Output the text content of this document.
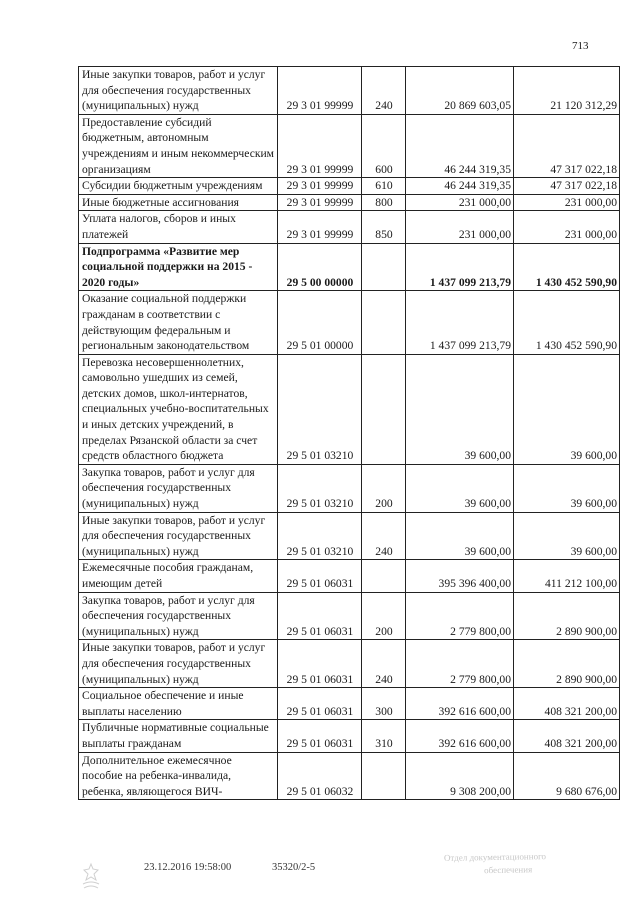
713
Иные закупки товаров, работ и услуг для обеспечения государственных (муниципальных) нужд	29 3 01 99999	240	20 869 603,05	21 120 312,29
Предоставление субсидий бюджетным, автономным учреждениям и иным некоммерческим организациям	29 3 01 99999	600	46 244 319,35	47 317 022,18
Субсидии бюджетным учреждениям	29 3 01 99999	610	46 244 319,35	47 317 022,18
Иные бюджетные ассигнования	29 3 01 99999	800	231 000,00	231 000,00
Уплата налогов, сборов и иных платежей	29 3 01 99999	850	231 000,00	231 000,00
Подпрограмма «Развитие мер социальной поддержки на 2015 - 2020 годы»	29 5 00 00000		1 437 099 213,79	1 430 452 590,90
Оказание социальной поддержки гражданам в соответствии с действующим федеральным и региональным законодательством	29 5 01 00000		1 437 099 213,79	1 430 452 590,90
Перевозка несовершеннолетних, самовольно ушедших из семей, детских домов, школ-интернатов, специальных учебно-воспитательных и иных детских учреждений, в пределах Рязанской области за счет средств областного бюджета	29 5 01 03210		39 600,00	39 600,00
Закупка товаров, работ и услуг для обеспечения государственных (муниципальных) нужд	29 5 01 03210	200	39 600,00	39 600,00
Иные закупки товаров, работ и услуг для обеспечения государственных (муниципальных) нужд	29 5 01 03210	240	39 600,00	39 600,00
Ежемесячные пособия гражданам, имеющим детей	29 5 01 06031		395 396 400,00	411 212 100,00
Закупка товаров, работ и услуг для обеспечения государственных (муниципальных) нужд	29 5 01 06031	200	2 779 800,00	2 890 900,00
Иные закупки товаров, работ и услуг для обеспечения государственных (муниципальных) нужд	29 5 01 06031	240	2 779 800,00	2 890 900,00
Социальное обеспечение и иные выплаты населению	29 5 01 06031	300	392 616 600,00	408 321 200,00
Публичные нормативные социальные выплаты гражданам	29 5 01 06031	310	392 616 600,00	408 321 200,00
Дополнительное ежемесячное пособие на ребенка-инвалида, ребенка, являющегося ВИЧ-	29 5 01 06032		9 308 200,00	9 680 676,00
23.12.2016 19:58:00	35320/2-5
Отдел документационного
обеспечения
